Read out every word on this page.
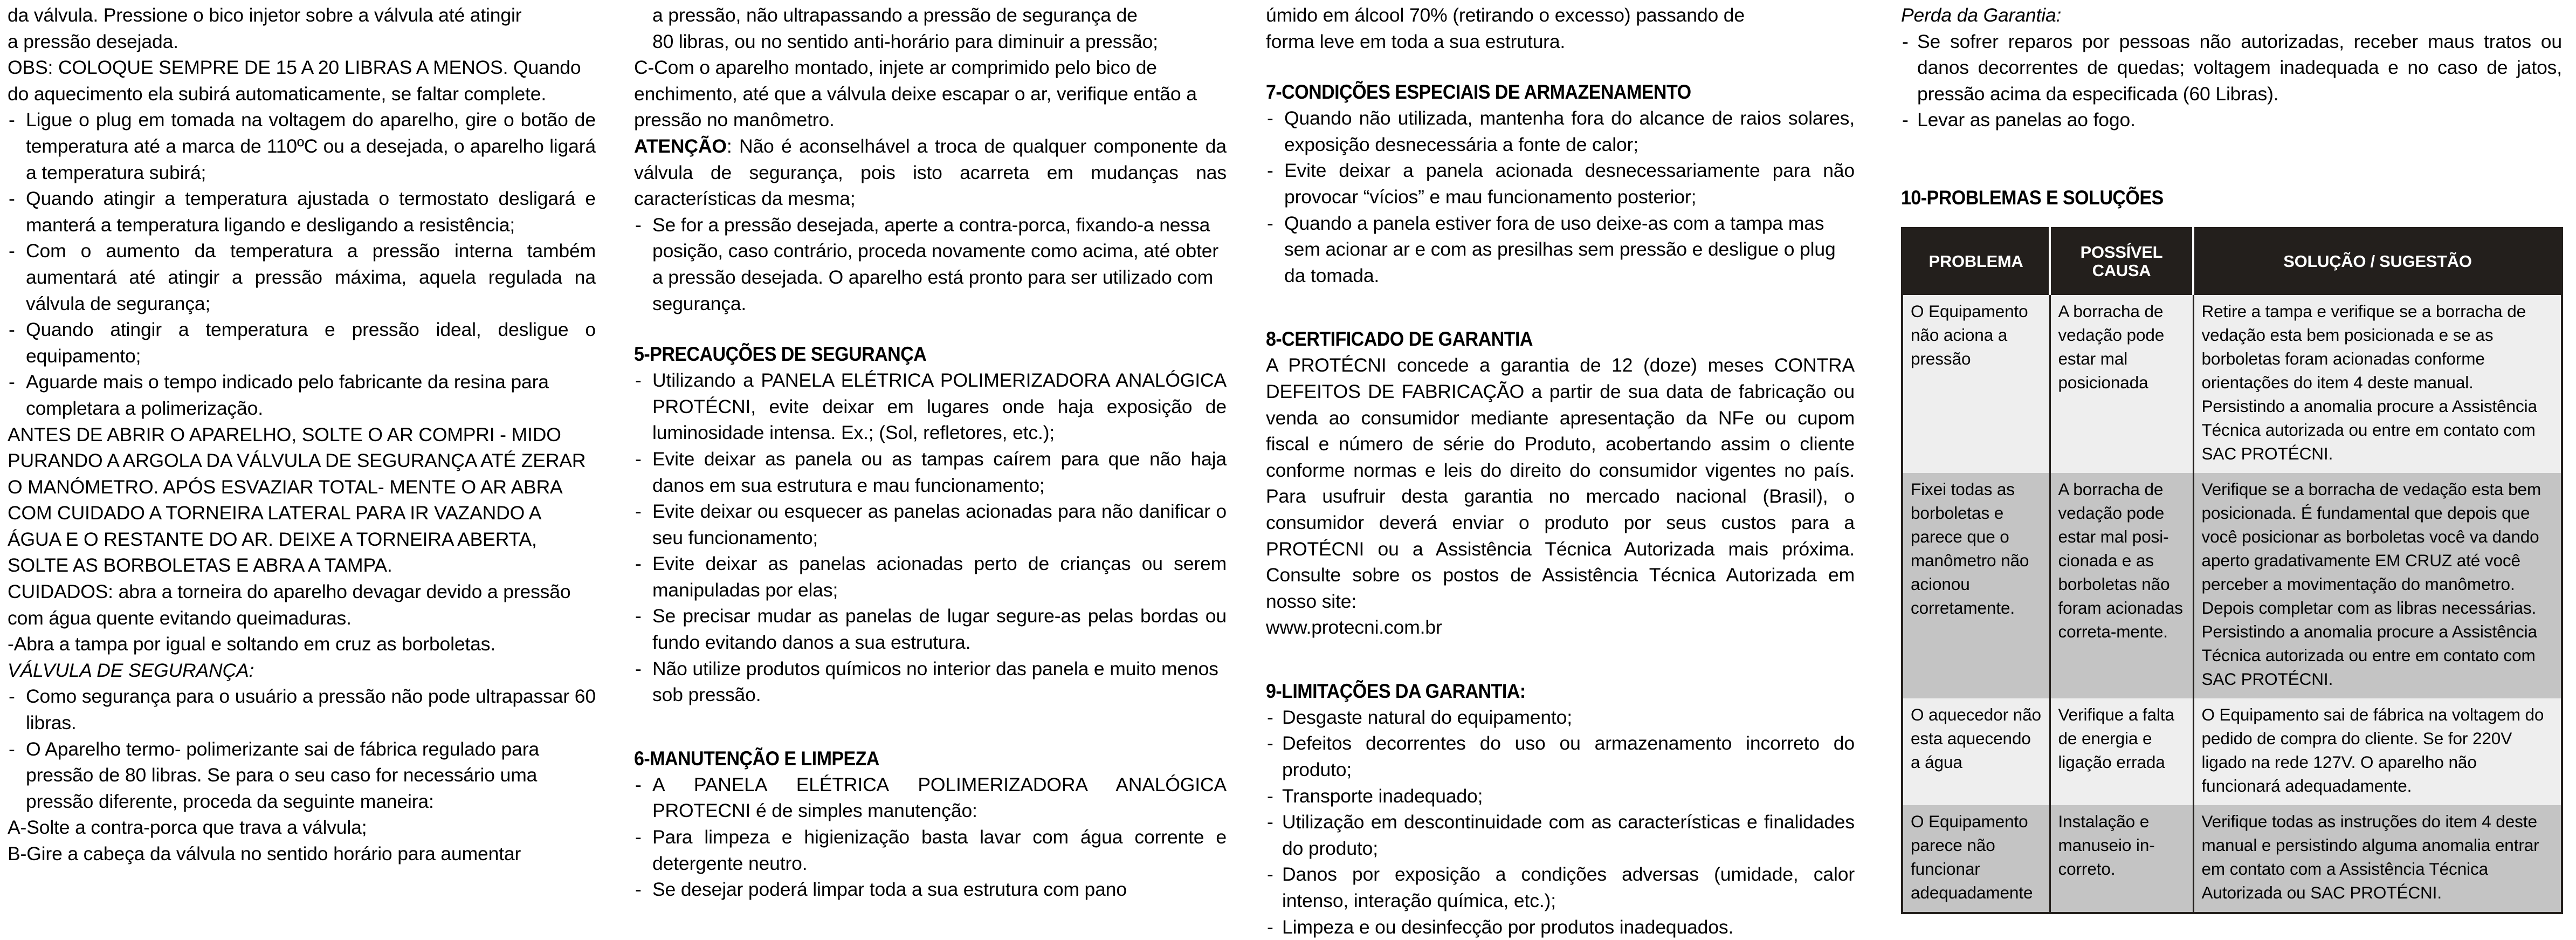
da válvula. Pressione o bico injetor sobre a válvula até atingir
a pressão desejada.

OBS: COLOQUE SEMPRE DE 15 A 20 LIBRAS A MENOS. Quando do aquecimento ela subirá automaticamente, se faltar complete.

- Ligue o plug em tomada na voltagem do aparelho, gire o botão de temperatura até a marca de 110ºC ou a desejada, o aparelho ligará a temperatura subirá;
- Quando atingir a temperatura ajustada o termostato desligará e manterá a temperatura ligando e desligando a resistência;
- Com o aumento da temperatura a pressão interna também aumentará até atingir a pressão máxima, aquela regulada na válvula de segurança;
- Quando atingir a temperatura e pressão ideal, desligue o equipamento;
- Aguarde mais o tempo indicado pelo fabricante da resina para completara a polimerização.

ANTES DE ABRIR O APARELHO, SOLTE O AR COMPRI - MIDO PURANDO A ARGOLA DA VÁLVULA DE SEGURANÇA ATÉ ZERAR O MANÓMETRO. APÓS ESVAZIAR TOTAL- MENTE O AR ABRA COM CUIDADO A TORNEIRA LATERAL PARA IR VAZANDO A ÁGUA E O RESTANTE DO AR. DEIXE A TORNEIRA ABERTA, SOLTE AS BORBOLETAS E ABRA A TAMPA.

CUIDADOS: abra a torneira do aparelho devagar devido a pressão com água quente evitando queimaduras.

-Abra a tampa por igual e soltando em cruz as borboletas.

VÁLVULA DE SEGURANÇA:

- Como segurança para o usuário a pressão não pode ultrapassar 60 libras.
- O Aparelho termo- polimerizante sai de fábrica regulado para pressão de 80 libras. Se para o seu caso for necessário uma pressão diferente, proceda da seguinte maneira:

A-Solte a contra-porca que trava a válvula;

B-Gire a cabeça da válvula no sentido horário para aumentar

a pressão, não ultrapassando a pressão de segurança de
80 libras, ou no sentido anti-horário para diminuir a pressão;

C-Com o aparelho montado, injete ar comprimido pelo bico de enchimento, até que a válvula deixe escapar o ar, verifique então a pressão no manômetro.

ATENÇÃO: Não é aconselhável a troca de qualquer componente da válvula de segurança, pois isto acarreta em mudanças nas características da mesma;

- Se for a pressão desejada, aperte a contra-porca, fixando-a nessa posição, caso contrário, proceda novamente como acima, até obter a pressão desejada. O aparelho está pronto para ser utilizado com segurança.
5-PRECAUÇÕES DE SEGURANÇA
- Utilizando a PANELA ELÉTRICA POLIMERIZADORA ANALÓGICA PROTÉCNI, evite deixar em lugares onde haja exposição de luminosidade intensa. Ex.; (Sol, refletores, etc.);
- Evite deixar as panela ou as tampas caírem para que não haja danos em sua estrutura e mau funcionamento;
- Evite deixar ou esquecer as panelas acionadas para não danificar o seu funcionamento;
- Evite deixar as panelas acionadas perto de crianças ou serem manipuladas por elas;
- Se precisar mudar as panelas de lugar segure-as pelas bordas ou fundo evitando danos a sua estrutura.
- Não utilize produtos químicos no interior das panela e muito menos sob pressão.
6-MANUTENÇÃO E LIMPEZA
- A PANELA ELÉTRICA POLIMERIZADORA ANALÓGICA PROTECNI é de simples manutenção:
- Para limpeza e higienização basta lavar com água corrente e detergente neutro.
- Se desejar poderá limpar toda a sua estrutura com pano
úmido em álcool 70% (retirando o excesso) passando de
forma leve em toda a sua estrutura.
7-CONDIÇÕES ESPECIAIS DE ARMAZENAMENTO
- Quando não utilizada, mantenha fora do alcance de raios solares, exposição desnecessária a fonte de calor;
- Evite deixar a panela acionada desnecessariamente para não provocar “vícios” e mau funcionamento posterior;
- Quando a panela estiver fora de uso deixe-as com a tampa mas sem acionar ar e com as presilhas sem pressão e desligue o plug da tomada.
8-CERTIFICADO DE GARANTIA

A PROTÉCNI concede a garantia de 12 (doze) meses CONTRA DEFEITOS DE FABRICAÇÃO a partir de sua data de fabricação ou venda ao consumidor mediante apresentação da NFe ou cupom fiscal e número de série do Produto, acobertando assim o cliente conforme normas e leis do direito do consumidor vigentes no país. Para usufruir desta garantia no mercado nacional (Brasil), o consumidor deverá enviar o produto por seus custos para a PROTÉCNI ou a Assistência Técnica Autorizada mais próxima. Consulte sobre os postos de Assistência Técnica Autorizada em nosso site:

www.protecni.com.br

9-LIMITAÇÕES DA GARANTIA:
- Desgaste natural do equipamento;
- Defeitos decorrentes do uso ou armazenamento incorreto do produto;
- Transporte inadequado;
- Utilização em descontinuidade com as características e finalidades do produto;
- Danos por exposição a condições adversas (umidade, calor intenso, interação química, etc.);
- Limpeza e ou desinfecção por produtos inadequados.

Perda da Garantia:

- Se sofrer reparos por pessoas não autorizadas, receber maus tratos ou danos decorrentes de quedas; voltagem inadequada e no caso de jatos, pressão acima da especificada (60 Libras).
- Levar as panelas ao fogo.
10-PROBLEMAS E SOLUÇÕES
PROBLEMA	POSSÍVEL CAUSA	SOLUÇÃO / SUGESTÃO
O Equipamento não aciona a pressão	A borracha de vedação pode estar mal posicionada	Retire a tampa e verifique se a borracha de vedação esta bem posicionada e se as borboletas foram acionadas conforme orientações do item 4 deste manual. Persistindo a anomalia procure a Assistência Técnica autorizada ou entre em contato com SAC PROTÉCNI.
Fixei todas as borboletas e parece que o manômetro não acionou corretamente.	A borracha de vedação pode estar mal posi-cionada e as borboletas não foram acionadas correta-mente.	Verifique se a borracha de vedação esta bem posicionada. É fundamental que depois que você posicionar as borboletas você va dando aperto gradativamente EM CRUZ até você perceber a movimentação do manômetro. Depois completar com as libras necessárias. Persistindo a anomalia procure a Assistência Técnica autorizada ou entre em contato com SAC PROTÉCNI.
O aquecedor não esta aquecendo a água	Verifique a falta de energia e ligação errada	O Equipamento sai de fábrica na voltagem do pedido de compra do cliente. Se for 220V ligado na rede 127V. O aparelho não funcionará adequadamente.
O Equipamento parece não funcionar adequadamente	Instalação e manuseio in-correto.	Verifique todas as instruções do item 4 deste manual e persistindo alguma anomalia entrar em contato com a Assistência Técnica Autorizada ou SAC PROTÉCNI.
